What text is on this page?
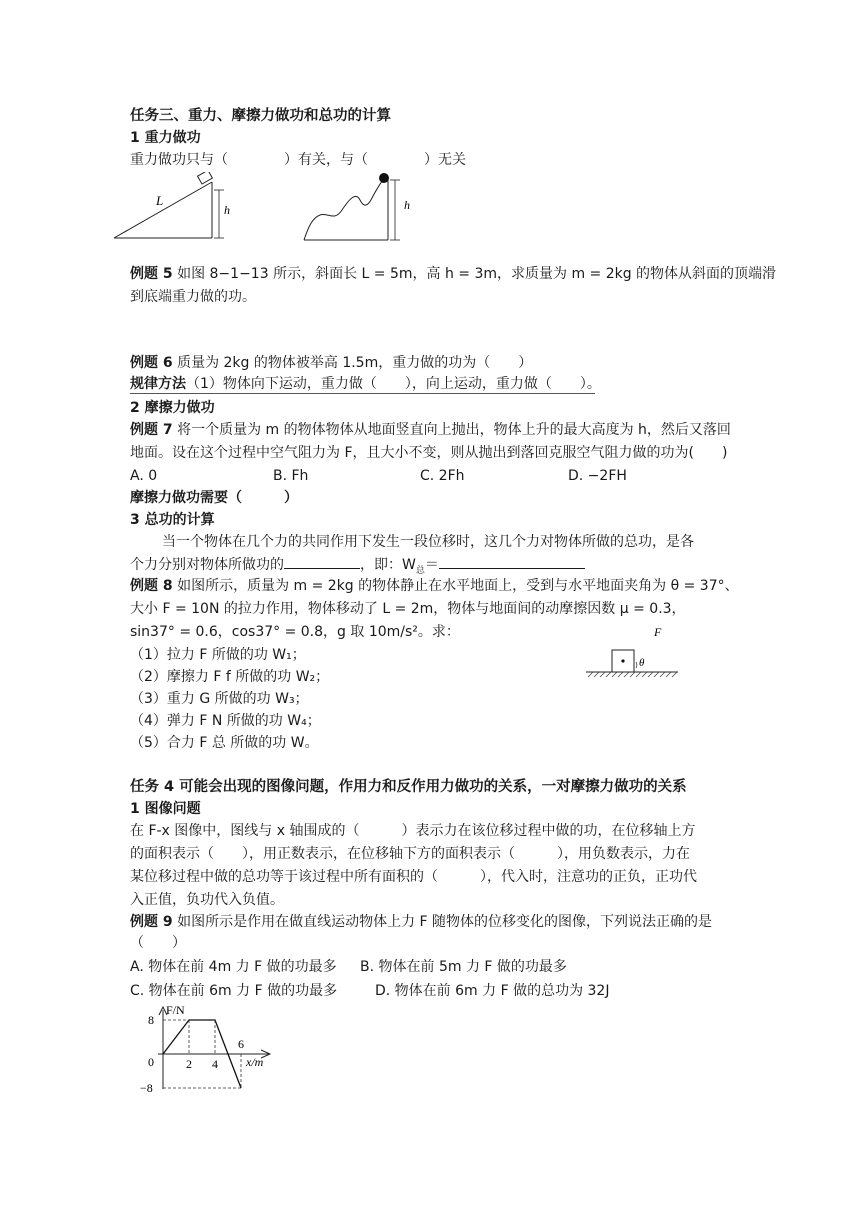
任务三、重力、摩擦力做功和总功的计算
1 重力做功
重力做功只与（　　　　）有关，与（　　　　）无关
L
h	h
例题 5 如图 8−1−13 所示，斜面长 L = 5m，高 h = 3m，求质量为 m = 2kg 的物体从斜面的顶端滑
到底端重力做的功。
例题 6 质量为 2kg 的物体被举高 1.5m，重力做的功为（　　）
规律方法（1）物体向下运动，重力做（　　），向上运动，重力做（　　）。
2 摩擦力做功
例题 7 将一个质量为 m 的物体物体从地面竖直向上抛出，物体上升的最大高度为 h，然后又落回
地面。设在这个过程中空气阻力为 F，且大小不变，则从抛出到落回克服空气阻力做的功为(　　)
A. 0	B. Fh	C. 2Fh	D. −2FH
摩擦力做功需要（　　　）
3 总功的计算
当一个物体在几个力的共同作用下发生一段位移时，这几个力对物体所做的总功，是各
个力分别对物体所做功的	，即：$W_总=$
例题 8 如图所示，质量为 m = 2kg 的物体静止在水平地面上，受到与水平地面夹角为 θ = 37°、
大小 F = 10N 的拉力作用，物体移动了 L = 2m，物体与地面间的动摩擦因数 μ = 0.3，
sin37° = 0.6，cos37° = 0.8，g 取 10m/s²。求：
（1）拉力 F 所做的功 W₁；
（2）摩擦力 F f 所做的功 W₂；
（3）重力 G 所做的功 W₃；
（4）弹力 F N 所做的功 W₄；
（5）合力 F 总 所做的功 W。
F
θ
任务 4 可能会出现的图像问题，作用力和反作用力做功的关系，一对摩擦力做功的关系
1 图像问题
在 F-x 图像中，图线与 x 轴围成的（　　　）表示力在该位移过程中做的功，在位移轴上方
的面积表示（　　），用正数表示，在位移轴下方的面积表示（　　　），用负数表示，力在
某位移过程中做的总功等于该过程中所有面积的（　　　），代入时，注意功的正负，正功代
入正值，负功代入负值。
例题 9 如图所示是作用在做直线运动物体上力 F 随物体的位移变化的图像，下列说法正确的是
（　　）
A. 物体在前 4m 力 F 做的功最多 B. 物体在前 5m 力 F 做的功最多
C. 物体在前 6m 力 F 做的功最多	D. 物体在前 6m 力 F 做的总功为 32J
F/N
x/m
2 4
6
8
0
−8
